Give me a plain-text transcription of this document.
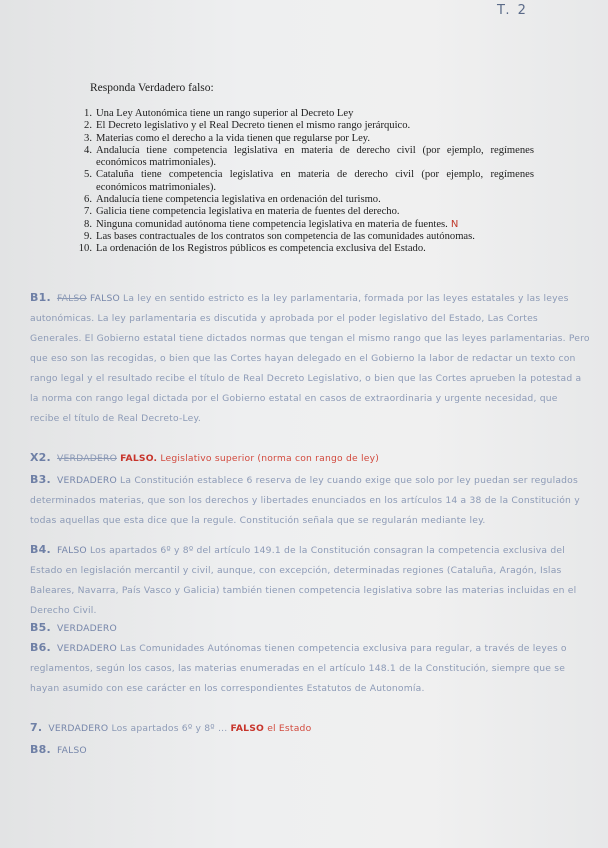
T. 2
Responda Verdadero falso:
1. Una Ley Autonómica tiene un rango superior al Decreto Ley
2. El Decreto legislativo y el Real Decreto tienen el mismo rango jerárquico.
3. Materias como el derecho a la vida tienen que regularse por Ley.
4. Andalucía tiene competencia legislativa en materia de derecho civil (por ejemplo, regímenes económicos matrimoniales).
5. Cataluña tiene competencia legislativa en materia de derecho civil (por ejemplo, regímenes económicos matrimoniales).
6. Andalucía tiene competencia legislativa en ordenación del turismo.
7. Galicia tiene competencia legislativa en materia de fuentes del derecho.
8. Ninguna comunidad autónoma tiene competencia legislativa en materia de fuentes. N
9. Las bases contractuales de los contratos son competencia de las comunidades autónomas.
10. La ordenación de los Registros públicos es competencia exclusiva del Estado.
B1. FALSO FALSO La ley en sentido estricto es la ley parlamentaria, formada por las leyes estatales y las leyes autonómicas. La ley parlamentaria es discutida y aprobada por el poder legislativo del Estado, Las Cortes Generales. El Gobierno estatal tiene dictados normas que tengan el mismo rango que las leyes parlamentarias. Pero que eso son las recogidas, o bien que las Cortes hayan delegado en el Gobierno la labor de redactar un texto con rango legal y el resultado recibe el título de Real Decreto Legislativo, o bien que las Cortes aprueben la potestad a la norma con rango legal dictada por el Gobierno estatal en casos de extraordinaria y urgente necesidad, que recibe el título de Real Decreto-Ley.
X2. VERDADERO FALSO. Legislativo superior (norma con rango de ley)
B3. VERDADERO La Constitución establece 6 reserva de ley cuando exige que solo por ley puedan ser regulados determinados materias, que son los derechos y libertades enunciados en los artículos 14 a 38 de la Constitución y todas aquellas que esta dice que la regule. Constitución señala que se regularán mediante ley.
B4. FALSO Los apartados 6º y 8º del artículo 149.1 de la Constitución consagran la competencia exclusiva del Estado en legislación mercantil y civil, aunque, con excepción, determinadas regiones (Cataluña, Aragón, Islas Baleares, Navarra, País Vasco y Galicia) también tienen competencia legislativa sobre las materias incluidas en el Derecho Civil.
B5. VERDADERO
B6. VERDADERO Las Comunidades Autónomas tienen competencia exclusiva para regular, a través de leyes o reglamentos, según los casos, las materias enumeradas en el artículo 148.1 de la Constitución, siempre que se hayan asumido con ese carácter en los correspondientes Estatutos de Autonomía.
7. VERDADERO Los apartados 6º y 8º ... FALSO el Estado
B8. FALSO
